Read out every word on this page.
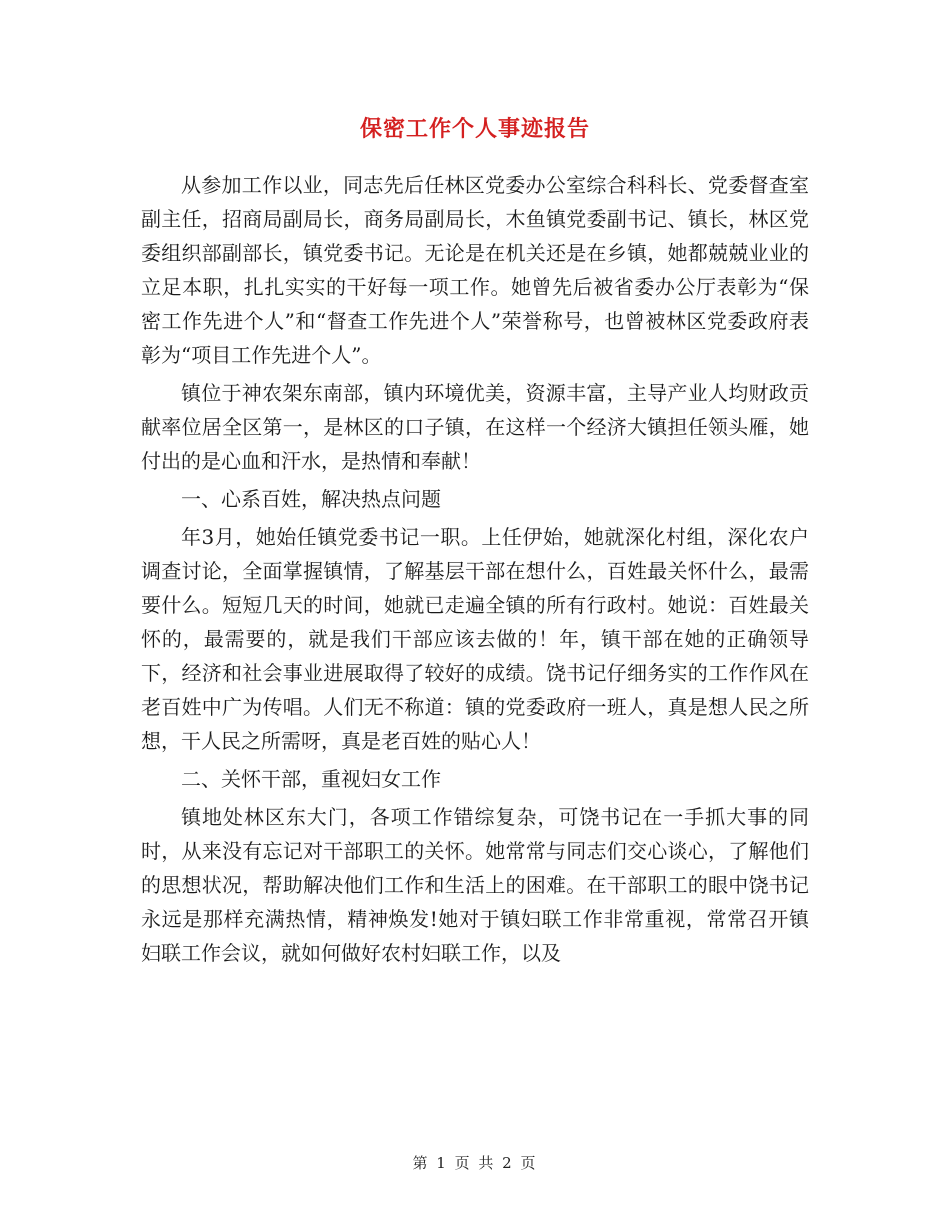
保密工作个人事迹报告

从参加工作以业，同志先后任林区党委办公室综合科科长、党委督查室副主任，招商局副局长，商务局副局长，木鱼镇党委副书记、镇长，林区党委组织部副部长，镇党委书记。无论是在机关还是在乡镇，她都兢兢业业的立足本职，扎扎实实的干好每一项工作。她曾先后被省委办公厅表彰为“保密工作先进个人”和“督查工作先进个人”荣誉称号，也曾被林区党委政府表彰为“项目工作先进个人”。

镇位于神农架东南部，镇内环境优美，资源丰富，主导产业人均财政贡献率位居全区第一，是林区的口子镇，在这样一个经济大镇担任领头雁，她付出的是心血和汗水，是热情和奉献！

一、心系百姓，解决热点问题

年3月，她始任镇党委书记一职。上任伊始，她就深化村组，深化农户调查讨论，全面掌握镇情，了解基层干部在想什么，百姓最关怀什么，最需要什么。短短几天的时间，她就已走遍全镇的所有行政村。她说：百姓最关怀的，最需要的，就是我们干部应该去做的！年，镇干部在她的正确领导下，经济和社会事业进展取得了较好的成绩。饶书记仔细务实的工作作风在老百姓中广为传唱。人们无不称道：镇的党委政府一班人，真是想人民之所想，干人民之所需呀，真是老百姓的贴心人！

二、关怀干部，重视妇女工作

镇地处林区东大门，各项工作错综复杂，可饶书记在一手抓大事的同时，从来没有忘记对干部职工的关怀。她常常与同志们交心谈心，了解他们的思想状况，帮助解决他们工作和生活上的困难。在干部职工的眼中饶书记永远是那样充满热情，精神焕发!她对于镇妇联工作非常重视，常常召开镇妇联工作会议，就如何做好农村妇联工作，以及

第 1 页 共 2 页
